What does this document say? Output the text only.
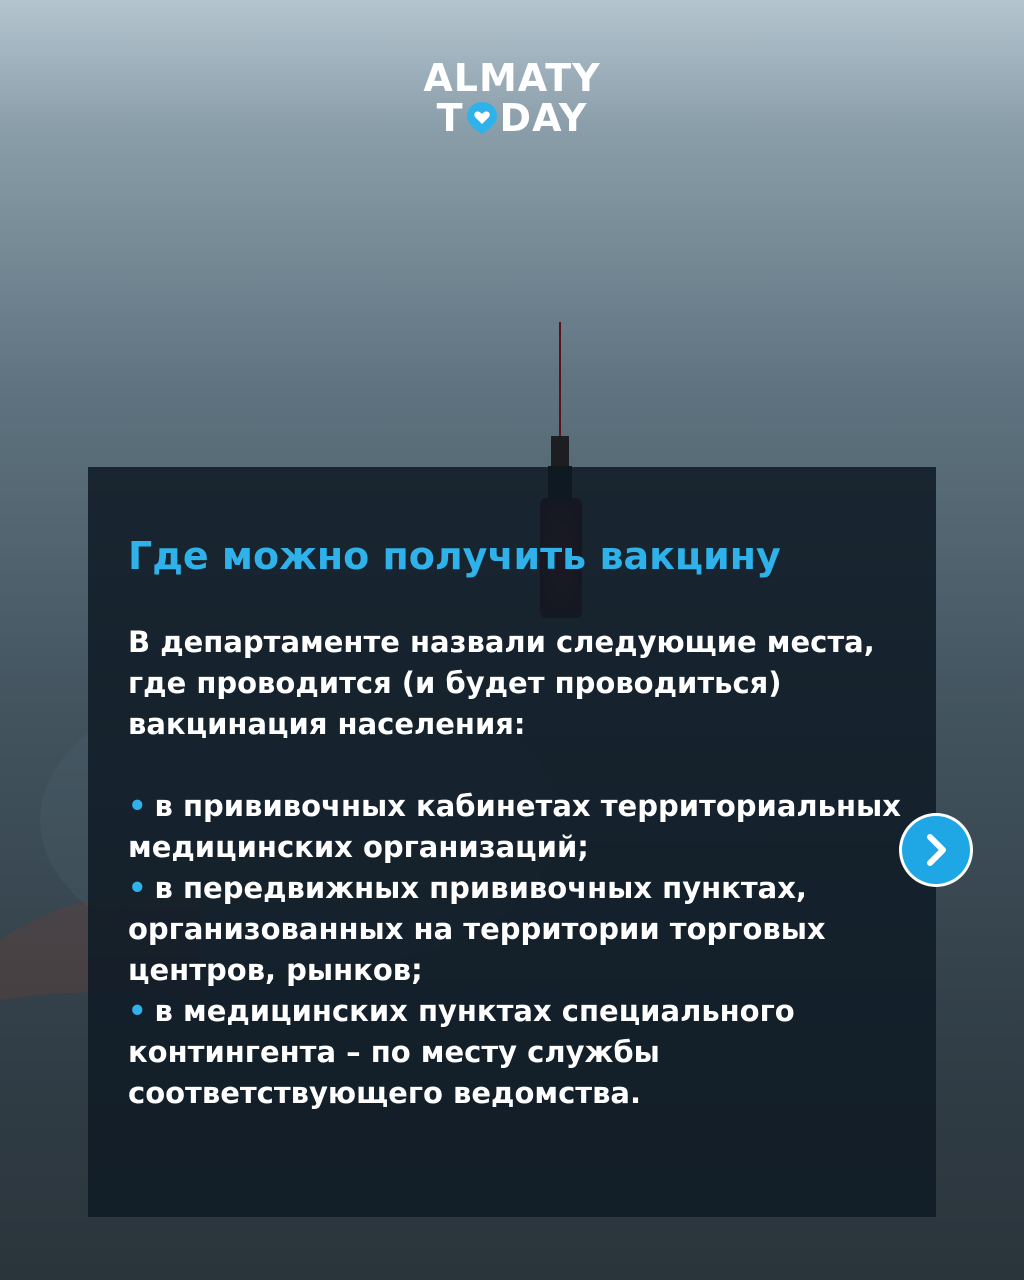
ALMATY
T DAY
Где можно получить вакцину

В департаменте назвали следующие места, где проводится (и будет проводиться) вакцинация населения:

• в прививочных кабинетах территориальных медицинских организаций;
• в передвижных прививочных пунктах, организованных на территории торговых центров, рынков;
• в медицинских пунктах специального контингента – по месту службы соответствующего ведомства.
